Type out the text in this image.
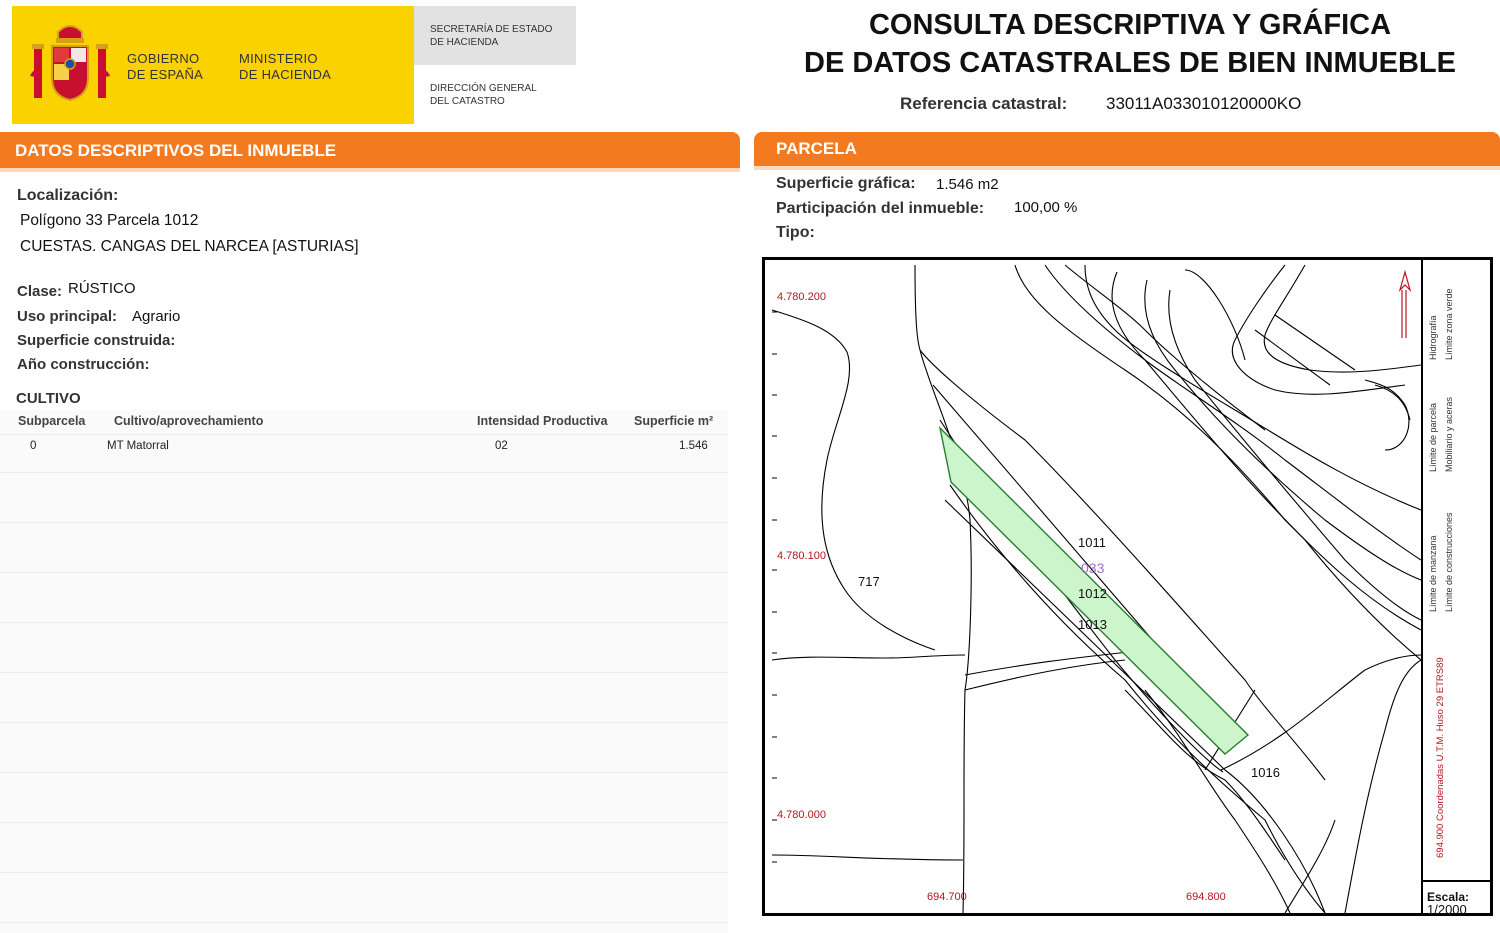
GOBIERNO
DE ESPAÑA
MINISTERIO
DE HACIENDA
SECRETARÍA DE ESTADO
DE HACIENDA
DIRECCIÓN GENERAL
DEL CATASTRO
CONSULTA DESCRIPTIVA Y GRÁFICA
DE DATOS CATASTRALES DE BIEN INMUEBLE
Referencia catastral: 33011A033010120000KO
DATOS DESCRIPTIVOS DEL INMUEBLE
Localización:
Polígono 33 Parcela 1012
CUESTAS. CANGAS DEL NARCEA [ASTURIAS]
Clase: RÚSTICO
Uso principal: Agrario
Superficie construida:
Año construcción:
CULTIVO
Subparcela Cultivo/aprovechamiento	Intensidad Productiva Superficie m²
0	MT Matorral	02	1.546
PARCELA
Superficie gráfica: 1.546 m2
Participación del inmueble: 100,00 %
Tipo:
4.780.200
4.780.100
4.780.000
694.700	694.800
717
1011
033
1012
1013
1016
Hidrografía Límite zona verde
Límite de parcela Mobiliario y aceras
Límite de manzana Límite de construcciones
694.900 Coordenadas U.T.M. Huso 29 ETRS89
Escala:
1/2000
